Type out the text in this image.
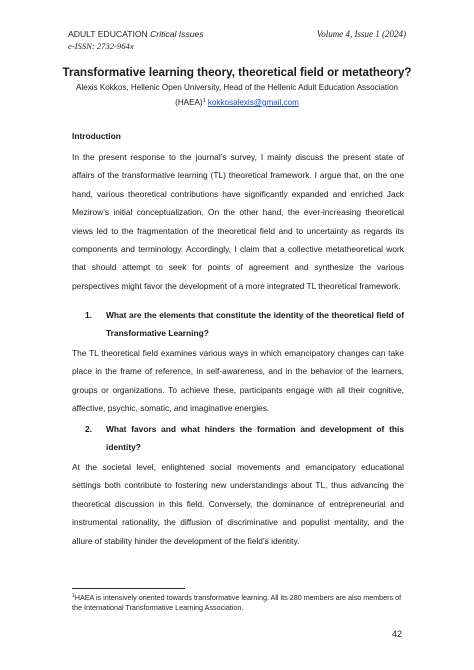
ADULT EDUCATION Critical Issues
e-ISSN: 2732-964x
Volume 4, Issue 1 (2024)
Transformative learning theory, theoretical field or metatheory?
Alexis Kokkos, Hellenic Open University, Head of the Hellenic Adult Education Association
(HAEA)$^1$ kokkosalexis@gmail.com
Introduction
In the present response to the journal’s survey, I mainly discuss the present state of affairs of the transformative learning (TL) theoretical framework. I argue that, on the one hand, various theoretical contributions have significantly expanded and enriched Jack Mezirow’s initial conceptualization. On the other hand, the ever-increasing theoretical views led to the fragmentation of the theoretical field and to uncertainty as regards its components and terminology. Accordingly, I claim that a collective metatheoretical work that should attempt to seek for points of agreement and synthesize the various perspectives might favor the development of a more integrated TL theoretical framework.
1. What are the elements that constitute the identity of the theoretical field of Transformative Learning?
The TL theoretical field examines various ways in which emancipatory changes can take place in the frame of reference, in self-awareness, and in the behavior of the learners, groups or organizations. To achieve these, participants engage with all their cognitive, affective, psychic, somatic, and imaginative energies.
2. What favors and what hinders the formation and development of this identity?
At the societal level, enlightened social movements and emancipatory educational settings both contribute to fostering new understandings about TL, thus advancing the theoretical discussion in this field. Conversely, the dominance of entrepreneurial and instrumental rationality, the diffusion of discriminative and populist mentality, and the allure of stability hinder the development of the field’s identity.
$^1$HAEA is intensively oriented towards transformative learning. All its 280 members are also members of the International Transformative Learning Association.
42
